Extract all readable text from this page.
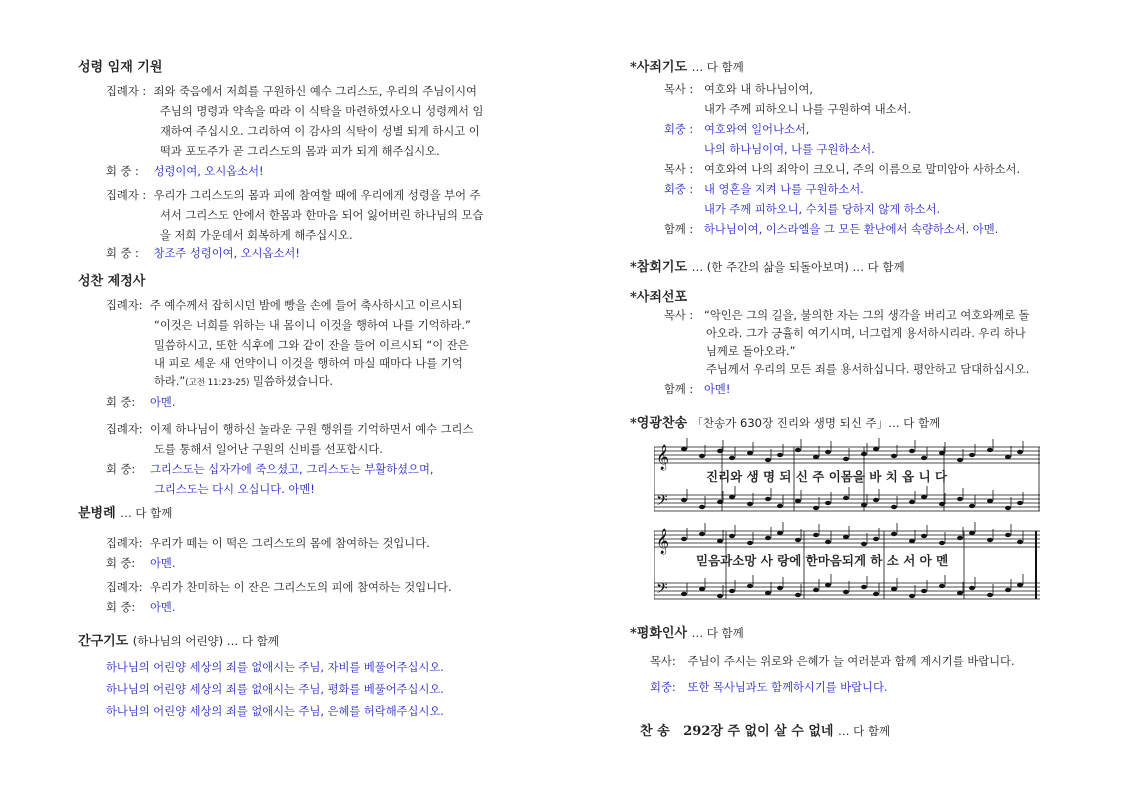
성령 임재 기원
집례자 : 죄와 죽음에서 저희를 구원하신 예수 그리스도, 우리의 주님이시여
주님의 명령과 약속을 따라 이 식탁을 마련하였사오니 성령께서 임
재하여 주십시오. 그리하여 이 감사의 식탁이 성별 되게 하시고 이
떡과 포도주가 곧 그리스도의 몸과 피가 되게 해주십시오.
회 중 : 성령이여, 오시옵소서!
집례자 : 우리가 그리스도의 몸과 피에 참여할 때에 우리에게 성령을 부어 주
셔서 그리스도 안에서 한몸과 한마음 되어 잃어버린 하나님의 모습
을 저희 가운데서 회복하게 해주십시오.
회 중 : 창조주 성령이여, 오시옵소서!
성찬 제정사
집례자: 주 예수께서 잡히시던 밤에 빵을 손에 들어 축사하시고 이르시되
“이것은 너희를 위하는 내 몸이니 이것을 행하여 나를 기억하라.”
밀씀하시고, 또한 식후에 그와 같이 잔을 들어 이르시되 “이 잔은
내 피로 세운 새 언약이니 이것을 행하여 마실 때마다 나를 기억
하라.”(고전 11:23-25) 밀씀하셨습니다.
회 중: 아멘.
집례자: 이제 하나님이 행하신 놀라운 구원 행위를 기억하면서 예수 그리스
도를 통해서 일어난 구원의 신비를 선포합시다.
회 중: 그리스도는 십자가에 죽으셨고, 그리스도는 부활하셨으며,
그리스도는 다시 오십니다. 아멘!
분병례 … 다 함께
집례자: 우리가 떼는 이 떡은 그리스도의 몸에 참여하는 것입니다.
회 중: 아멘.
집례자: 우리가 찬미하는 이 잔은 그리스도의 피에 참여하는 것입니다.
회 중: 아멘.
간구기도 (하나님의 어린양) … 다 함께
하나님의 어린양 세상의 죄를 없애시는 주님, 자비를 베풀어주십시오.
하나님의 어린양 세상의 죄를 없애시는 주님, 평화를 베풀어주십시오.
하나님의 어린양 세상의 죄를 없애시는 주님, 은혜를 허락해주십시오.
*사죄기도 … 다 함께
목사 : 여호와 내 하나님이여,
내가 주께 피하오니 나를 구원하여 내소서.
회중 : 여호와여 일어나소서,
나의 하나님이여, 나를 구원하소서.
목사 : 여호와여 나의 죄악이 크오니, 주의 이름으로 말미암아 사하소서.
회중 : 내 영혼을 지켜 나를 구원하소서.
내가 주께 피하오니, 수치를 당하지 않게 하소서.
함께 : 하나님이여, 이스라엘을 그 모든 환난에서 속량하소서. 아멘.
*참회기도 … (한 주간의 삶을 되돌아보며) … 다 함께
*사죄선포
목사 : “악인은 그의 길을, 불의한 자는 그의 생각을 버리고 여호와께로 돌
아오라. 그가 긍휼히 여기시며, 너그럽게 용서하시리라. 우리 하나
님께로 돌아오라.”
주님께서 우리의 모든 죄를 용서하십니다. 평안하고 담대하십시오.
함께 : 아멘!
*영광찬송 「찬송가 630장 진리와 생명 되신 주」… 다 함께
𝄞
𝄢
𝄞
𝄢
진리와 생 명 되 신 주 이몸을 바 치 옵 니 다
믿음과소망 사 랑에 한마음되게 하 소 서 아 멘
*평화인사 … 다 함께
목사: 주님이 주시는 위로와 은혜가 늘 여러분과 함께 계시기를 바랍니다.
회중: 또한 목사님과도 함께하시기를 바랍니다.
찬 송 292장 주 없이 살 수 없네 … 다 함께
